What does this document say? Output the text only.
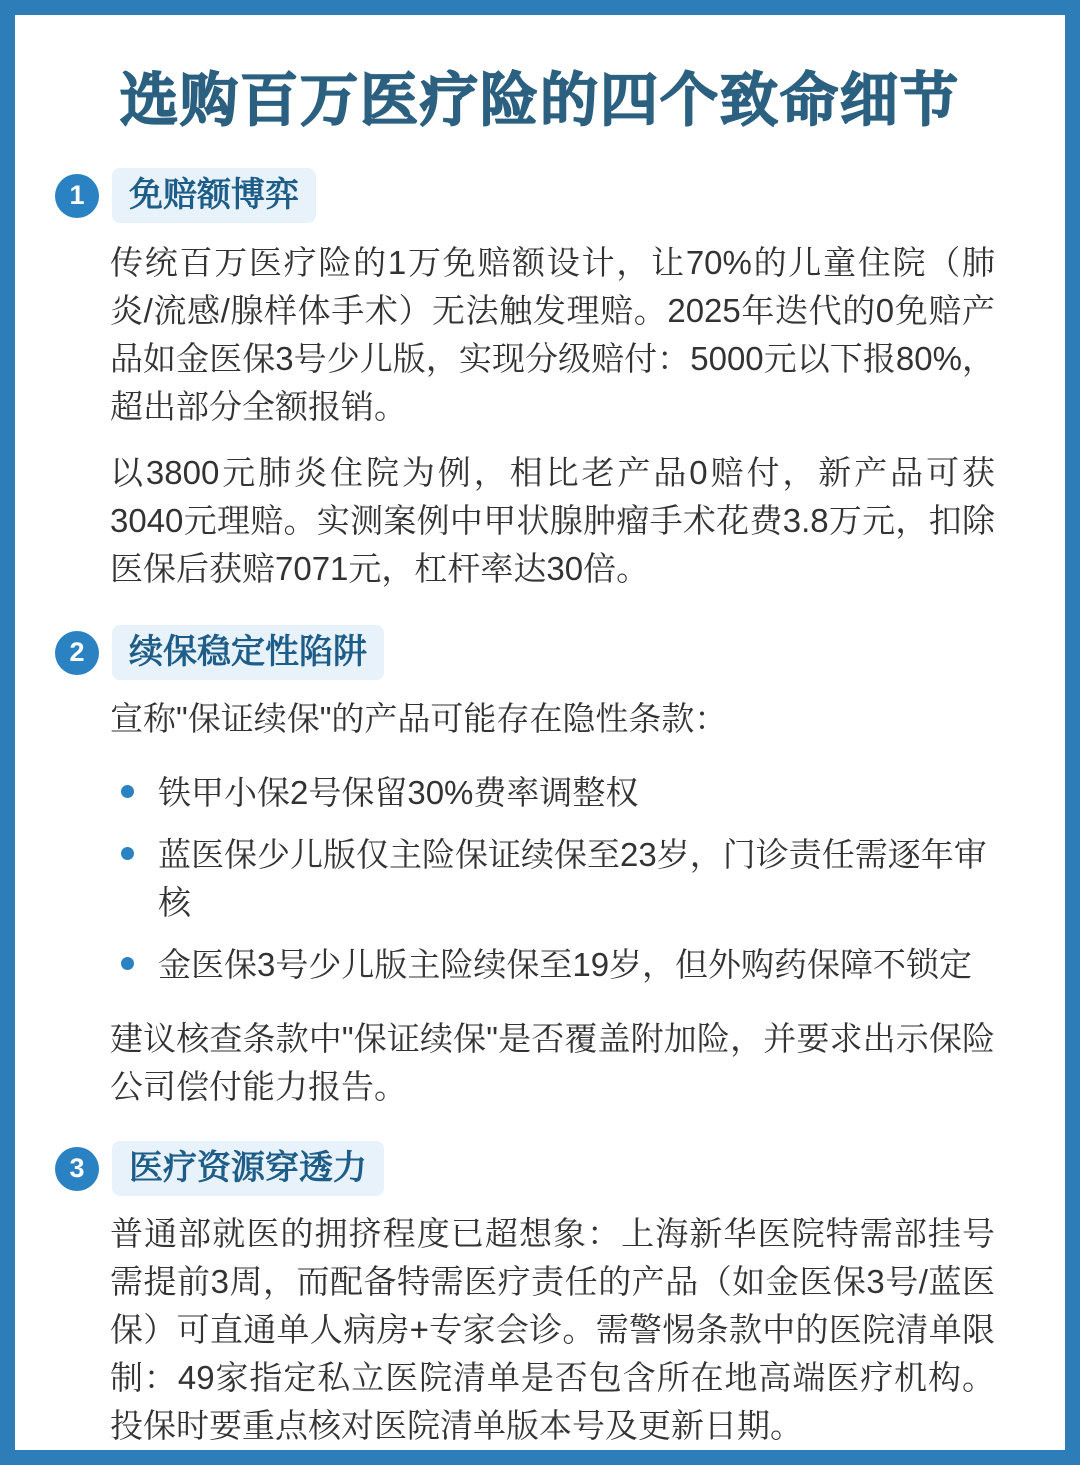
选购百万医疗险的四个致命细节
1	免赔额博弈

传统百万医疗险的1万免赔额设计，让70%的儿童住院（肺炎/流感/腺样体手术）无法触发理赔。2025年迭代的0免赔产品如金医保3号少儿版，实现分级赔付：5000元以下报80%，超出部分全额报销。

以3800元肺炎住院为例，相比老产品0赔付，新产品可获3040元理赔。实测案例中甲状腺肿瘤手术花费3.8万元，扣除医保后获赔7071元，杠杆率达30倍。

2	续保稳定性陷阱

宣称"保证续保"的产品可能存在隐性条款：

铁甲小保2号保留30%费率调整权
蓝医保少儿版仅主险保证续保至23岁，门诊责任需逐年审核
金医保3号少儿版主险续保至19岁，但外购药保障不锁定

建议核查条款中"保证续保"是否覆盖附加险，并要求出示保险公司偿付能力报告。

3	医疗资源穿透力

普通部就医的拥挤程度已超想象：上海新华医院特需部挂号需提前3周，而配备特需医疗责任的产品（如金医保3号/蓝医保）可直通单人病房+专家会诊。需警惕条款中的医院清单限制：49家指定私立医院清单是否包含所在地高端医疗机构。投保时要重点核对医院清单版本号及更新日期。
